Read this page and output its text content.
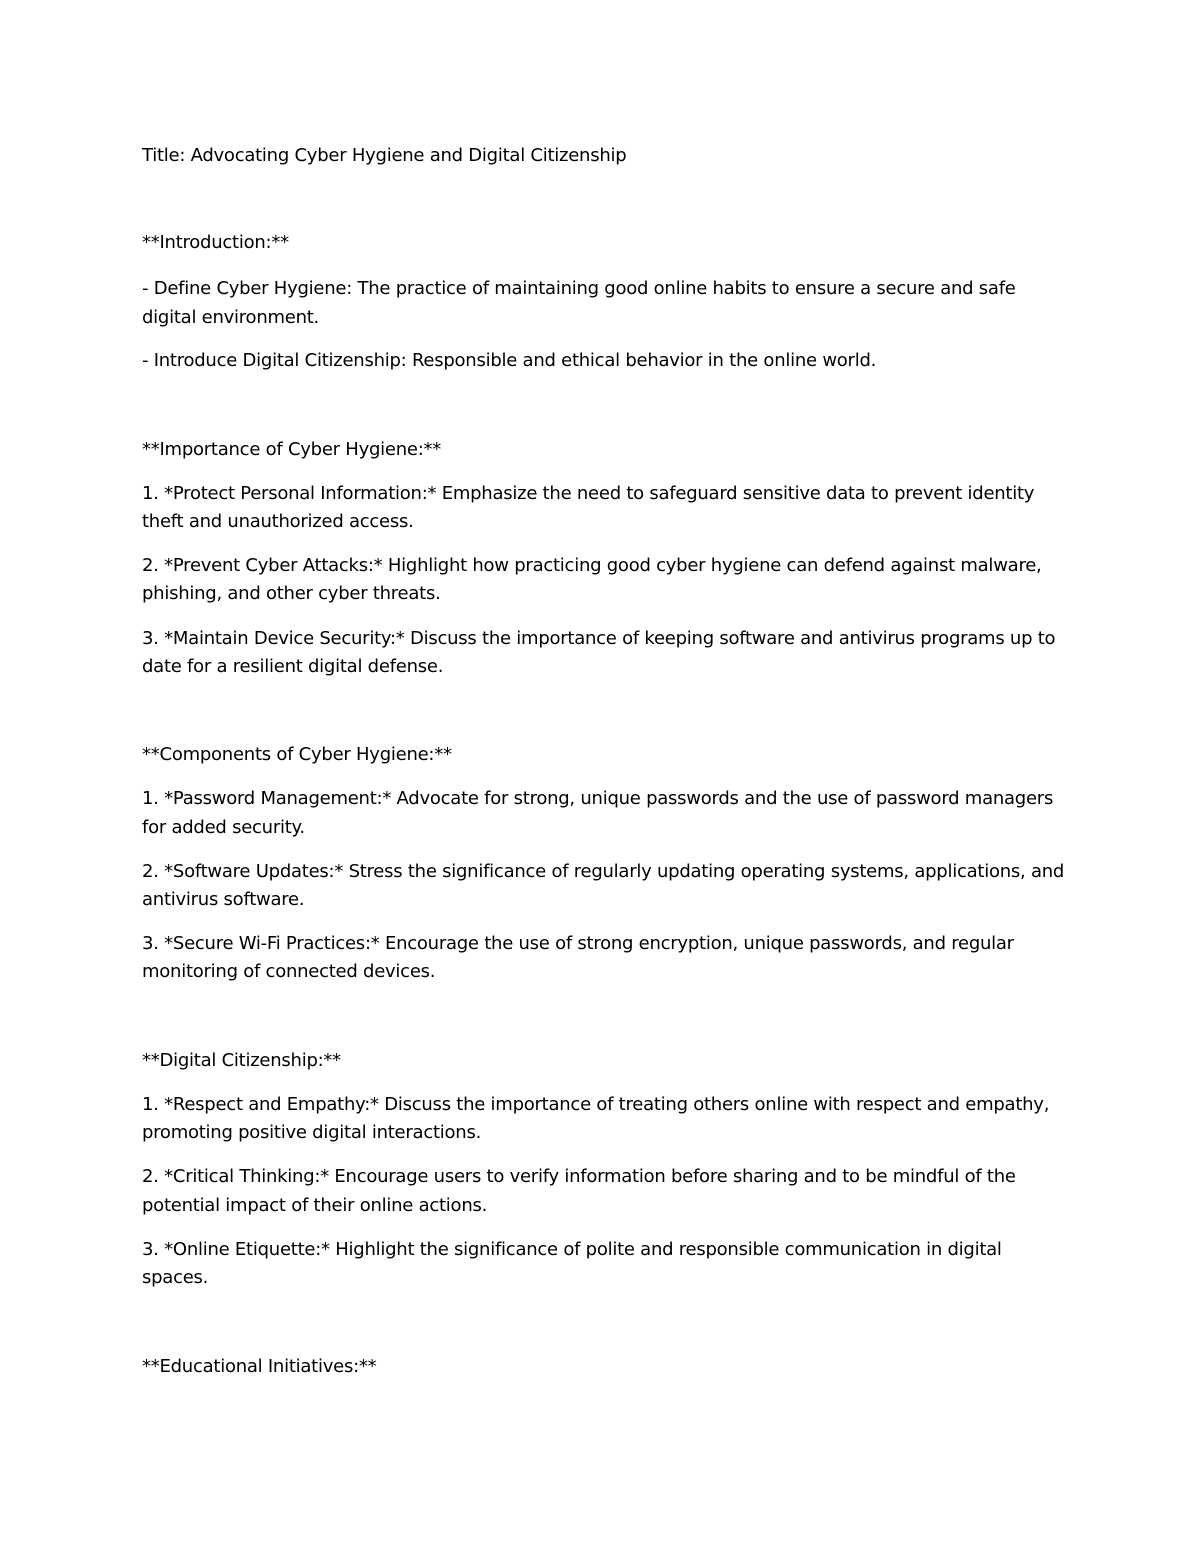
Title: Advocating Cyber Hygiene and Digital Citizenship
**Introduction:**
- Define Cyber Hygiene: The practice of maintaining good online habits to ensure a secure and safe
digital environment.
- Introduce Digital Citizenship: Responsible and ethical behavior in the online world.
**Importance of Cyber Hygiene:**
1. *Protect Personal Information:* Emphasize the need to safeguard sensitive data to prevent identity
theft and unauthorized access.
2. *Prevent Cyber Attacks:* Highlight how practicing good cyber hygiene can defend against malware,
phishing, and other cyber threats.
3. *Maintain Device Security:* Discuss the importance of keeping software and antivirus programs up to
date for a resilient digital defense.
**Components of Cyber Hygiene:**
1. *Password Management:* Advocate for strong, unique passwords and the use of password managers
for added security.
2. *Software Updates:* Stress the significance of regularly updating operating systems, applications, and
antivirus software.
3. *Secure Wi-Fi Practices:* Encourage the use of strong encryption, unique passwords, and regular
monitoring of connected devices.
**Digital Citizenship:**
1. *Respect and Empathy:* Discuss the importance of treating others online with respect and empathy,
promoting positive digital interactions.
2. *Critical Thinking:* Encourage users to verify information before sharing and to be mindful of the
potential impact of their online actions.
3. *Online Etiquette:* Highlight the significance of polite and responsible communication in digital
spaces.
**Educational Initiatives:**
